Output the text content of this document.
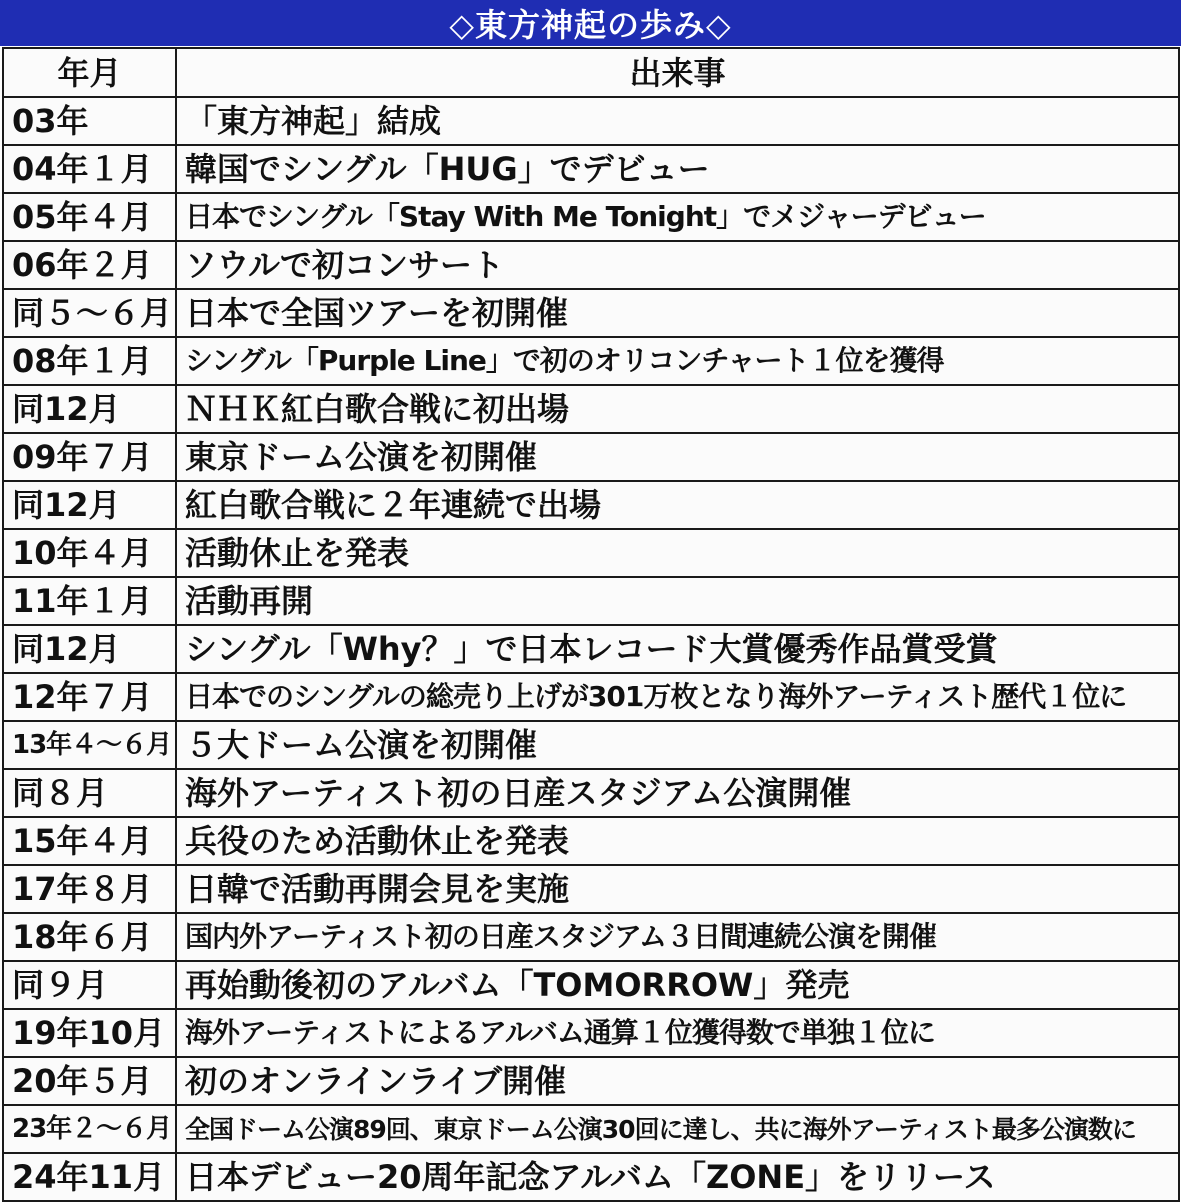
◇東方神起の歩み◇
年月	出来事
03年	「東方神起」結成
04年１月	韓国でシングル「HUG」でデビュー
05年４月	日本でシングル「Stay With Me Tonight」でメジャーデビュー
06年２月	ソウルで初コンサート
同５～６月	日本で全国ツアーを初開催
08年１月	シングル「Purple Line」で初のオリコンチャート１位を獲得
同12月	ＮＨＫ紅白歌合戦に初出場
09年７月	東京ドーム公演を初開催
同12月	紅白歌合戦に２年連続で出場
10年４月	活動休止を発表
11年１月	活動再開
同12月	シングル「Why？」で日本レコード大賞優秀作品賞受賞
12年７月	日本でのシングルの総売り上げが301万枚となり海外アーティスト歴代１位に
13年４～６月	５大ドーム公演を初開催
同８月	海外アーティスト初の日産スタジアム公演開催
15年４月	兵役のため活動休止を発表
17年８月	日韓で活動再開会見を実施
18年６月	国内外アーティスト初の日産スタジアム３日間連続公演を開催
同９月	再始動後初のアルバム「TOMORROW」発売
19年10月	海外アーティストによるアルバム通算１位獲得数で単独１位に
20年５月	初のオンラインライブ開催
23年２～６月	全国ドーム公演89回、東京ドーム公演30回に達し、共に海外アーティスト最多公演数に
24年11月	日本デビュー20周年記念アルバム「ZONE」をリリース
